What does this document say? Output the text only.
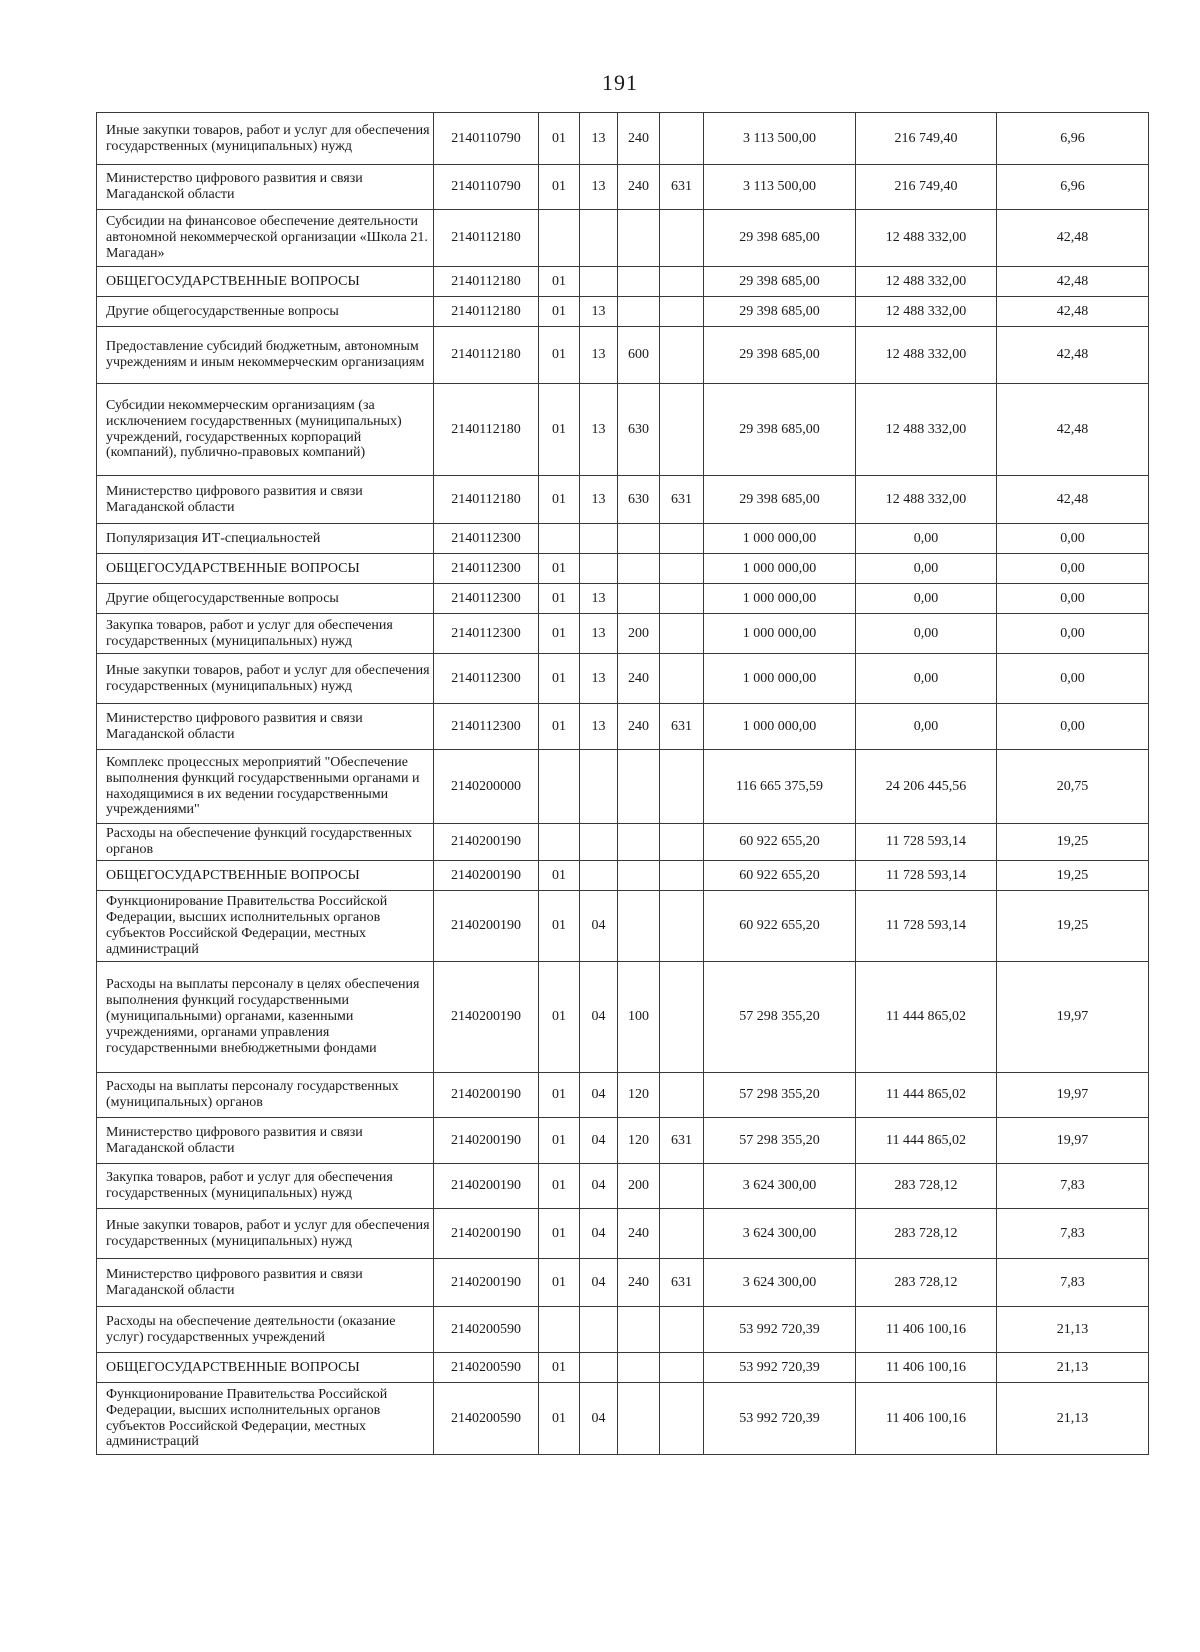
191
Иные закупки товаров, работ и услуг для обеспечения государственных (муниципальных) нужд	2140110790	01	13	240		3 113 500,00	216 749,40	6,96
Министерство цифрового развития и связи Магаданской области	2140110790	01	13	240	631	3 113 500,00	216 749,40	6,96
Субсидии на финансовое обеспечение деятельности автономной некоммерческой организации «Школа 21. Магадан»	2140112180					29 398 685,00	12 488 332,00	42,48
ОБЩЕГОСУДАРСТВЕННЫЕ ВОПРОСЫ	2140112180	01				29 398 685,00	12 488 332,00	42,48
Другие общегосударственные вопросы	2140112180	01	13			29 398 685,00	12 488 332,00	42,48
Предоставление субсидий бюджетным, автономным учреждениям и иным некоммерческим организациям	2140112180	01	13	600		29 398 685,00	12 488 332,00	42,48
Субсидии некоммерческим организациям (за исключением государственных (муниципальных) учреждений, государственных корпораций (компаний), публично-правовых компаний)	2140112180	01	13	630		29 398 685,00	12 488 332,00	42,48
Министерство цифрового развития и связи Магаданской области	2140112180	01	13	630	631	29 398 685,00	12 488 332,00	42,48
Популяризация ИТ-специальностей	2140112300					1 000 000,00	0,00	0,00
ОБЩЕГОСУДАРСТВЕННЫЕ ВОПРОСЫ	2140112300	01				1 000 000,00	0,00	0,00
Другие общегосударственные вопросы	2140112300	01	13			1 000 000,00	0,00	0,00
Закупка товаров, работ и услуг для обеспечения государственных (муниципальных) нужд	2140112300	01	13	200		1 000 000,00	0,00	0,00
Иные закупки товаров, работ и услуг для обеспечения государственных (муниципальных) нужд	2140112300	01	13	240		1 000 000,00	0,00	0,00
Министерство цифрового развития и связи Магаданской области	2140112300	01	13	240	631	1 000 000,00	0,00	0,00
Комплекс процессных мероприятий "Обеспечение выполнения функций государственными органами и находящимися в их ведении государственными учреждениями"	2140200000					116 665 375,59	24 206 445,56	20,75
Расходы на обеспечение функций государственных органов	2140200190					60 922 655,20	11 728 593,14	19,25
ОБЩЕГОСУДАРСТВЕННЫЕ ВОПРОСЫ	2140200190	01				60 922 655,20	11 728 593,14	19,25
Функционирование Правительства Российской Федерации, высших исполнительных органов субъектов Российской Федерации, местных администраций	2140200190	01	04			60 922 655,20	11 728 593,14	19,25
Расходы на выплаты персоналу в целях обеспечения выполнения функций государственными (муниципальными) органами, казенными учреждениями, органами управления государственными внебюджетными фондами	2140200190	01	04	100		57 298 355,20	11 444 865,02	19,97
Расходы на выплаты персоналу государственных (муниципальных) органов	2140200190	01	04	120		57 298 355,20	11 444 865,02	19,97
Министерство цифрового развития и связи Магаданской области	2140200190	01	04	120	631	57 298 355,20	11 444 865,02	19,97
Закупка товаров, работ и услуг для обеспечения государственных (муниципальных) нужд	2140200190	01	04	200		3 624 300,00	283 728,12	7,83
Иные закупки товаров, работ и услуг для обеспечения государственных (муниципальных) нужд	2140200190	01	04	240		3 624 300,00	283 728,12	7,83
Министерство цифрового развития и связи Магаданской области	2140200190	01	04	240	631	3 624 300,00	283 728,12	7,83
Расходы на обеспечение деятельности (оказание услуг) государственных учреждений	2140200590					53 992 720,39	11 406 100,16	21,13
ОБЩЕГОСУДАРСТВЕННЫЕ ВОПРОСЫ	2140200590	01				53 992 720,39	11 406 100,16	21,13
Функционирование Правительства Российской Федерации, высших исполнительных органов субъектов Российской Федерации, местных администраций	2140200590	01	04			53 992 720,39	11 406 100,16	21,13
